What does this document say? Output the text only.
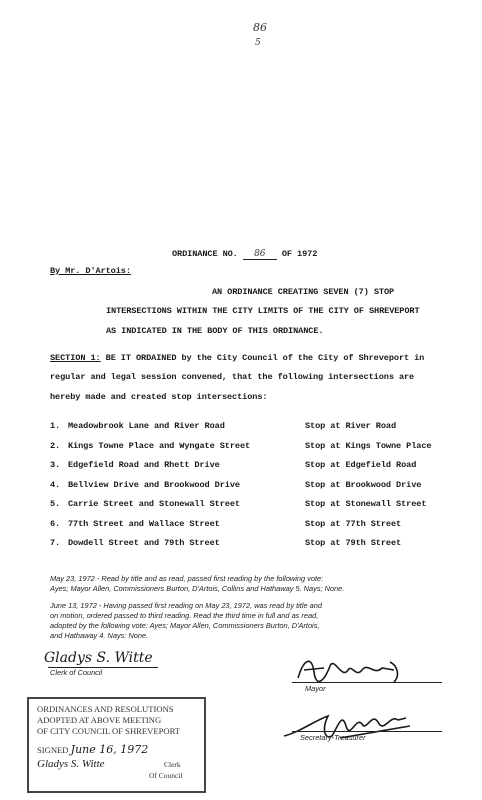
86
5
ORDINANCE NO. 86 OF 1972
By Mr. D'Artois:
AN ORDINANCE CREATING SEVEN (7) STOP
INTERSECTIONS WITHIN THE CITY LIMITS OF THE CITY OF SHREVEPORT
AS INDICATED IN THE BODY OF THIS ORDINANCE.
SECTION 1: BE IT ORDAINED by the City Council of the City of Shreveport in
regular and legal session convened, that the following intersections are
hereby made and created stop intersections:
1. Meadowbrook Lane and River Road	Stop at River Road
2. Kings Towne Place and Wyngate Street	Stop at Kings Towne Place
3. Edgefield Road and Rhett Drive	Stop at Edgefield Road
4. Bellview Drive and Brookwood Drive	Stop at Brookwood Drive
5. Carrie Street and Stonewall Street	Stop at Stonewall Street
6. 77th Street and Wallace Street	Stop at 77th Street
7. Dowdell Street and 79th Street	Stop at 79th Street
May 23, 1972 - Read by title and as read, passed first reading by the following vote:
Ayes; Mayor Allen, Commissioners Burton, D'Artois, Collins and Hathaway 5. Nays; None.
June 13, 1972 - Having passed first reading on May 23, 1972, was read by title and
on motion, ordered passed to third reading. Read the third time in full and as read,
adopted by the following vote: Ayes; Mayor Allen, Commissioners Burton, D'Artois,
and Hathaway 4. Nays: None.
Gladys S. Witte
Clerk of Council
Mayor
Secretary-Treasurer
ORDINANCES AND RESOLUTIONS
ADOPTED AT ABOVE MEETING
OF CITY COUNCIL OF SHREVEPORT
SIGNED June 16, 1972
Gladys S. Witte	Clerk
Of Council
